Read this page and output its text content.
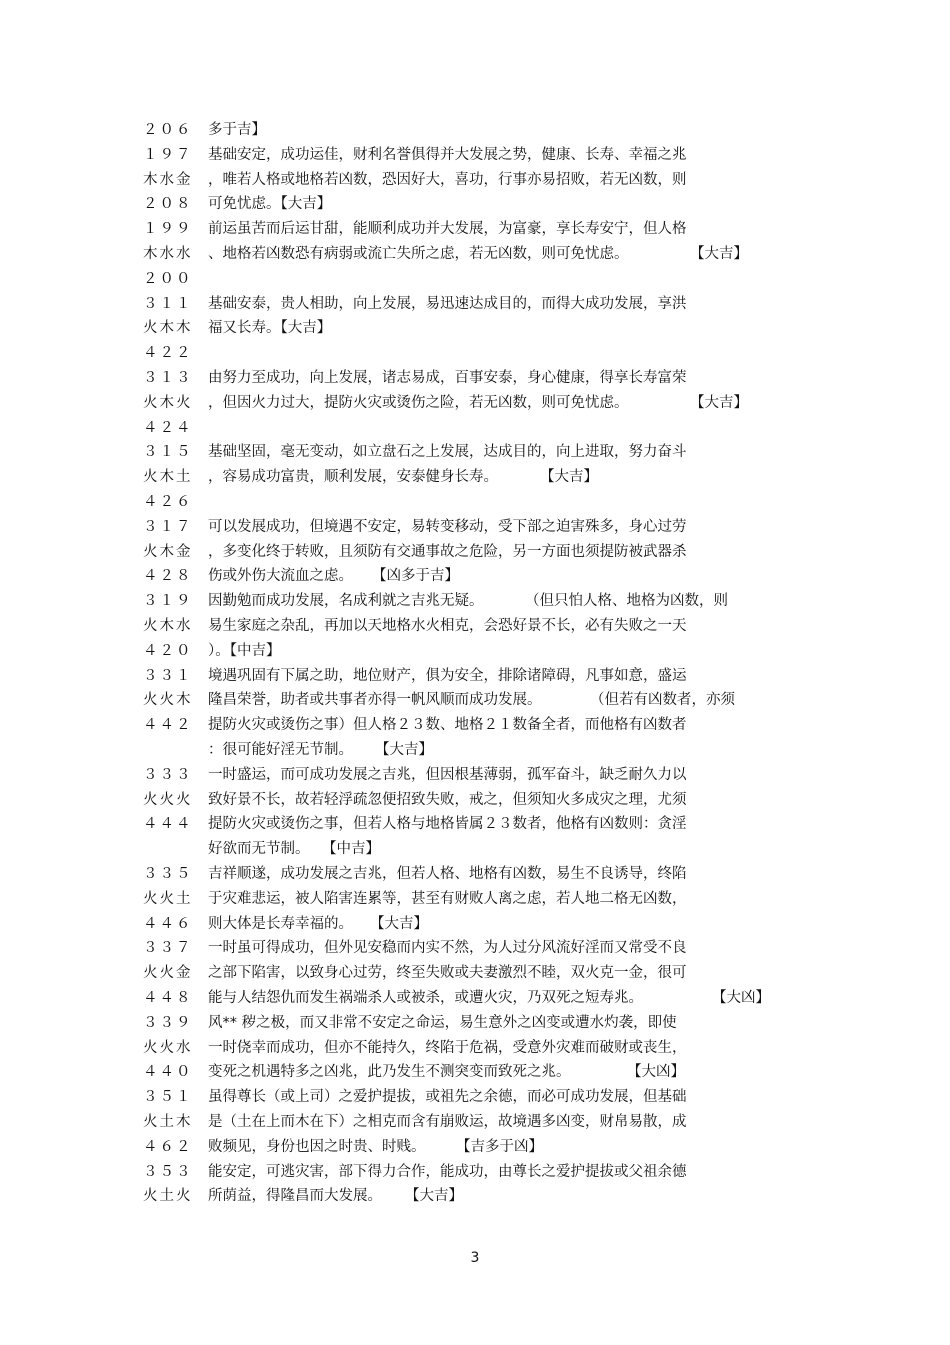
２０６ 多于吉】
１９７ 基础安定，成功运佳，财利名誉俱得并大发展之势，健康、长寿、幸福之兆
木水金 ，唯若人格或地格若凶数，恐因好大，喜功，行事亦易招败，若无凶数，则
２０８ 可免忧虑。【大吉】
１９９ 前运虽苦而后运甘甜，能顺利成功并大发展，为富豪，享长寿安宁，但人格
木水水 、地格若凶数恐有病弱或流亡失所之虑，若无凶数，则可免忧虑。	【大吉】
２００
３１１ 基础安泰，贵人相助，向上发展，易迅速达成目的，而得大成功发展，享洪
火木木 福又长寿。【大吉】
４２２
３１３ 由努力至成功，向上发展，诸志易成，百事安泰，身心健康，得享长寿富荣
火木火 ，但因火力过大，提防火灾或烫伤之险，若无凶数，则可免忧虑。	【大吉】
４２４
３１５ 基础坚固，毫无变动，如立盘石之上发展，达成目的，向上进取，努力奋斗
火木土 ，容易成功富贵，顺利发展，安泰健身长寿。	【大吉】
４２６
３１７ 可以发展成功，但境遇不安定，易转变移动，受下部之迫害殊多，身心过劳
火木金 ，多变化终于转败，且须防有交通事故之危险，另一方面也须提防被武器杀
４２８ 伤或外伤大流血之虑。 【凶多于吉】
３１９ 因勤勉而成功发展，名成利就之吉兆无疑。	（但只怕人格、地格为凶数，则
火木水 易生家庭之杂乱，再加以天地格水火相克，会恐好景不长，必有失败之一天
４２０ ）。【中吉】
３３１ 境遇巩固有下属之助，地位财产，俱为安全，排除诸障碍，凡事如意，盛运
火火木 隆昌荣誉，助者或共事者亦得一帆风顺而成功发展。	（但若有凶数者，亦须
４４２ 提防火灾或烫伤之事）但人格２３数、地格２１数备全者，而他格有凶数者
：很可能好淫无节制。 【大吉】
３３３ 一时盛运，而可成功发展之吉兆，但因根基薄弱，孤军奋斗，缺乏耐久力以
火火火 致好景不长，故若轻浮疏忽便招致失败，戒之，但须知火多成灾之理，尤须
４４４ 提防火灾或烫伤之事，但若人格与地格皆属２３数者，他格有凶数则：贪淫
好欲而无节制。 【中吉】
３３５ 吉祥顺遂，成功发展之吉兆，但若人格、地格有凶数，易生不良诱导，终陷
火火土 于灾难悲运，被人陷害连累等，甚至有财败人离之虑，若人地二格无凶数，
４４６ 则大体是长寿幸福的。 【大吉】
３３７ 一时虽可得成功，但外见安稳而内实不然，为人过分风流好淫而又常受不良
火火金 之部下陷害，以致身心过劳，终至失败或夫妻激烈不睦，双火克一金，很可
４４８ 能与人结怨仇而发生祸端杀人或被杀，或遭火灾，乃双死之短寿兆。	【大凶】
３３９ 风** 秽之极，而又非常不安定之命运，易生意外之凶变或遭水灼袭，即使
火火水 一时侥幸而成功，但亦不能持久，终陷于危祸，受意外灾难而破财或丧生，
４４０ 变死之机遇特多之凶兆，此乃发生不测突变而致死之兆。	【大凶】
３５１ 虽得尊长（或上司）之爱护提拔，或祖先之余德，而必可成功发展，但基础
火土木 是（土在上而木在下）之相克而含有崩败运，故境遇多凶变，财帛易散，成
４６２ 败频见，身份也因之时贵、时贱。 【吉多于凶】
３５３ 能安定，可逃灾害，部下得力合作，能成功，由尊长之爱护提拔或父祖余德
火土火 所荫益，得隆昌而大发展。 【大吉】
3
